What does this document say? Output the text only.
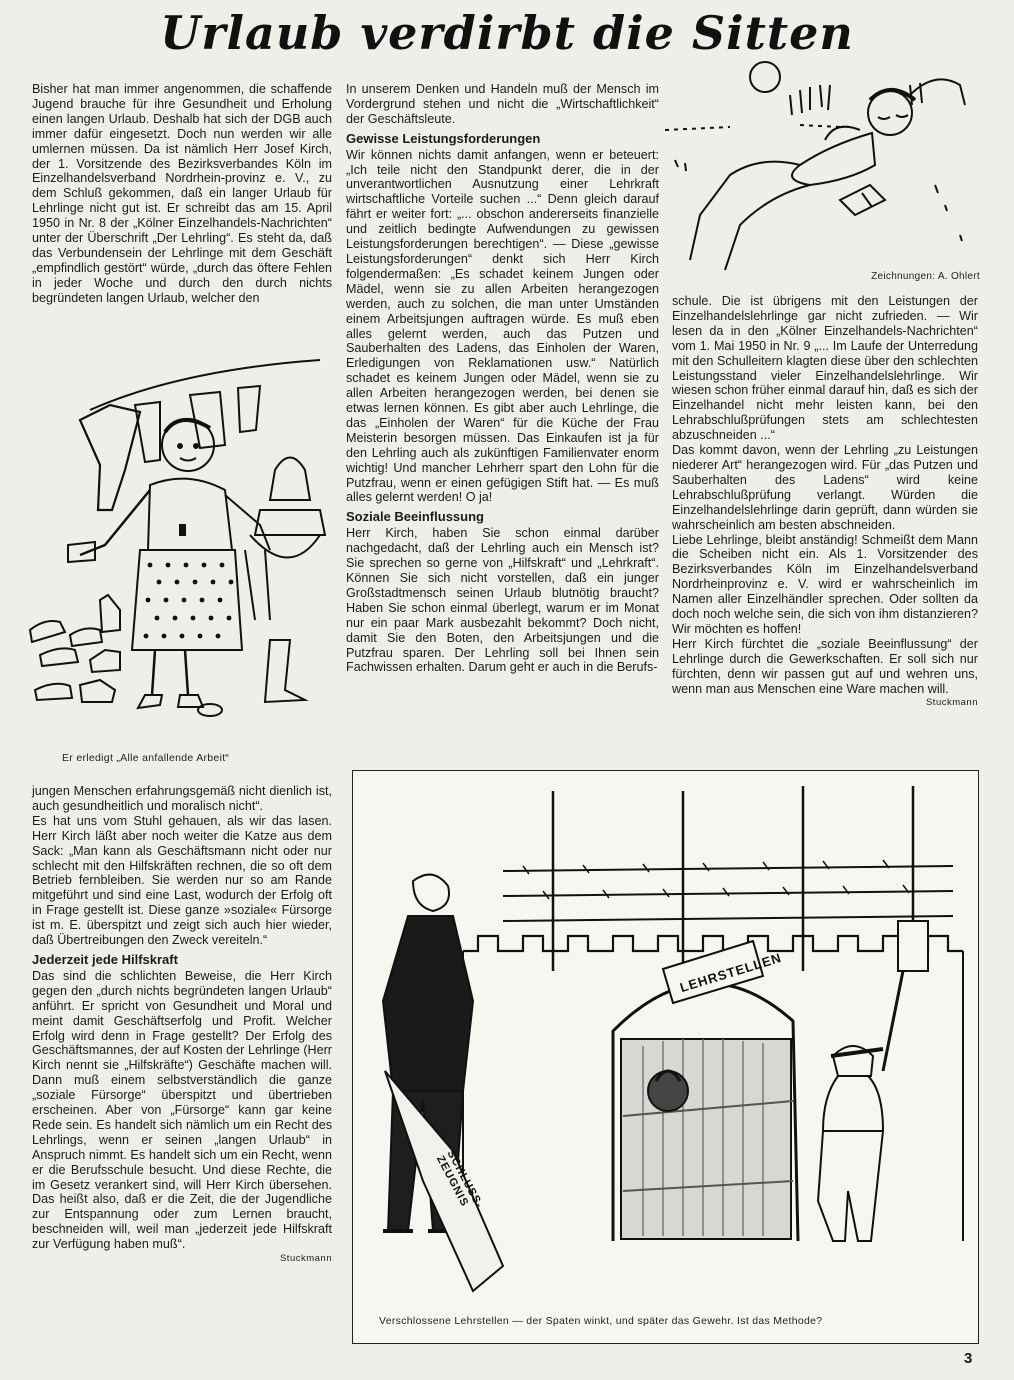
Urlaub verdirbt die Sitten

Bisher hat man immer angenommen, die schaffende Jugend brauche für ihre Gesundheit und Erholung einen langen Urlaub. Deshalb hat sich der DGB auch immer dafür eingesetzt. Doch nun werden wir alle umlernen müssen. Da ist nämlich Herr Josef Kirch, der 1. Vorsitzende des Bezirksverbandes Köln im Einzelhandelsverband Nordrhein-provinz e. V., zu dem Schluß gekommen, daß ein langer Urlaub für Lehrlinge nicht gut ist. Er schreibt das am 15. April 1950 in Nr. 8 der „Kölner Einzelhandels-Nachrichten“ unter der Überschrift „Der Lehrling“. Es steht da, daß das Verbundensein der Lehrlinge mit dem Geschäft „empfindlich gestört“ würde, „durch das öftere Fehlen in jeder Woche und durch den durch nichts begründeten langen Urlaub, welcher den

Er erledigt „Alle anfallende Arbeit“

jungen Menschen erfahrungsgemäß nicht dienlich ist, auch gesundheitlich und moralisch nicht“.

Es hat uns vom Stuhl gehauen, als wir das lasen. Herr Kirch läßt aber noch weiter die Katze aus dem Sack: „Man kann als Geschäftsmann nicht oder nur schlecht mit den Hilfskräften rechnen, die so oft dem Betrieb fernbleiben. Sie werden nur so am Rande mitgeführt und sind eine Last, wodurch der Erfolg oft in Frage gestellt ist. Diese ganze »soziale« Fürsorge ist m. E. überspitzt und zeigt sich auch hier wieder, daß Übertreibungen den Zweck vereiteln.“

Jederzeit jede Hilfskraft

Das sind die schlichten Beweise, die Herr Kirch gegen den „durch nichts begründeten langen Urlaub“ anführt. Er spricht von Gesundheit und Moral und meint damit Geschäftserfolg und Profit. Welcher Erfolg wird denn in Frage gestellt? Der Erfolg des Geschäftsmannes, der auf Kosten der Lehrlinge (Herr Kirch nennt sie „Hilfskräfte“) Geschäfte machen will. Dann muß einem selbstverständlich die ganze „soziale Fürsorge“ überspitzt und übertrieben erscheinen. Aber von „Fürsorge“ kann gar keine Rede sein. Es handelt sich nämlich um ein Recht des Lehrlings, wenn er seinen „langen Urlaub“ in Anspruch nimmt. Es handelt sich um ein Recht, wenn er die Berufsschule besucht. Und diese Rechte, die im Gesetz verankert sind, will Herr Kirch übersehen. Das heißt also, daß er die Zeit, die der Jugendliche zur Entspannung oder zum Lernen braucht, beschneiden will, weil man „jederzeit jede Hilfskraft zur Verfügung haben muß“.

Stuckmann

In unserem Denken und Handeln muß der Mensch im Vordergrund stehen und nicht die „Wirtschaftlichkeit“ der Geschäftsleute.

Gewisse Leistungsforderungen

Wir können nichts damit anfangen, wenn er beteuert: „Ich teile nicht den Standpunkt derer, die in der unverantwortlichen Ausnutzung einer Lehrkraft wirtschaftliche Vorteile suchen ...“ Denn gleich darauf fährt er weiter fort: „... obschon andererseits finanzielle und zeitlich bedingte Aufwendungen zu gewissen Leistungsforderungen berechtigen“. — Diese „gewisse Leistungsforderungen“ denkt sich Herr Kirch folgendermaßen: „Es schadet keinem Jungen oder Mädel, wenn sie zu allen Arbeiten herangezogen werden, auch zu solchen, die man unter Umständen einem Arbeitsjungen auftragen würde. Es muß eben alles gelernt werden, auch das Putzen und Sauberhalten des Ladens, das Einholen der Waren, Erledigungen von Reklamationen usw.“ Natürlich schadet es keinem Jungen oder Mädel, wenn sie zu allen Arbeiten herangezogen werden, bei denen sie etwas lernen können. Es gibt aber auch Lehrlinge, die das „Einholen der Waren“ für die Küche der Frau Meisterin besorgen müssen. Das Einkaufen ist ja für den Lehrling auch als zukünftigen Familienvater enorm wichtig! Und mancher Lehrherr spart den Lohn für die Putzfrau, wenn er einen gefügigen Stift hat. — Es muß alles gelernt werden! O ja!

Soziale Beeinflussung

Herr Kirch, haben Sie schon einmal darüber nachgedacht, daß der Lehrling auch ein Mensch ist? Sie sprechen so gerne von „Hilfskraft“ und „Lehrkraft“. Können Sie sich nicht vorstellen, daß ein junger Großstadtmensch seinen Urlaub blutnötig braucht? Haben Sie schon einmal überlegt, warum er im Monat nur ein paar Mark ausbezahlt bekommt? Doch nicht, damit Sie den Boten, den Arbeitsjungen und die Putzfrau sparen. Der Lehrling soll bei Ihnen sein Fachwissen erhalten. Darum geht er auch in die Berufs-

Zeichnungen: A. Ohlert

schule. Die ist übrigens mit den Leistungen der Einzelhandelslehrlinge gar nicht zufrieden. — Wir lesen da in den „Kölner Einzelhandels-Nachrichten“ vom 1. Mai 1950 in Nr. 9 „... Im Laufe der Unterredung mit den Schulleitern klagten diese über den schlechten Leistungsstand vieler Einzelhandelslehrlinge. Wir wiesen schon früher einmal darauf hin, daß es sich der Einzelhandel nicht mehr leisten kann, bei den Lehrabschlußprüfungen stets am schlechtesten abzuschneiden ...“

Das kommt davon, wenn der Lehrling „zu Leistungen niederer Art“ herangezogen wird. Für „das Putzen und Sauberhalten des Ladens“ wird keine Lehrabschlußprüfung verlangt. Würden die Einzelhandelslehrlinge darin geprüft, dann würden sie wahrscheinlich am besten abschneiden.

Liebe Lehrlinge, bleibt anständig! Schmeißt dem Mann die Scheiben nicht ein. Als 1. Vorsitzender des Bezirksverbandes Köln im Einzelhandelsverband Nordrheinprovinz e. V. wird er wahrscheinlich im Namen aller Einzelhändler sprechen. Oder sollten da doch noch welche sein, die sich von ihm distanzieren? Wir möchten es hoffen!

Herr Kirch fürchtet die „soziale Beeinflussung“ der Lehrlinge durch die Gewerkschaften. Er soll sich nur fürchten, denn wir passen gut auf und wehren uns, wenn man aus Menschen eine Ware machen will.

Stuckmann

LEHRSTELLEN
SCHLUSS-ZEUGNIS
Verschlossene Lehrstellen — der Spaten winkt, und später das Gewehr. Ist das Methode?
3
